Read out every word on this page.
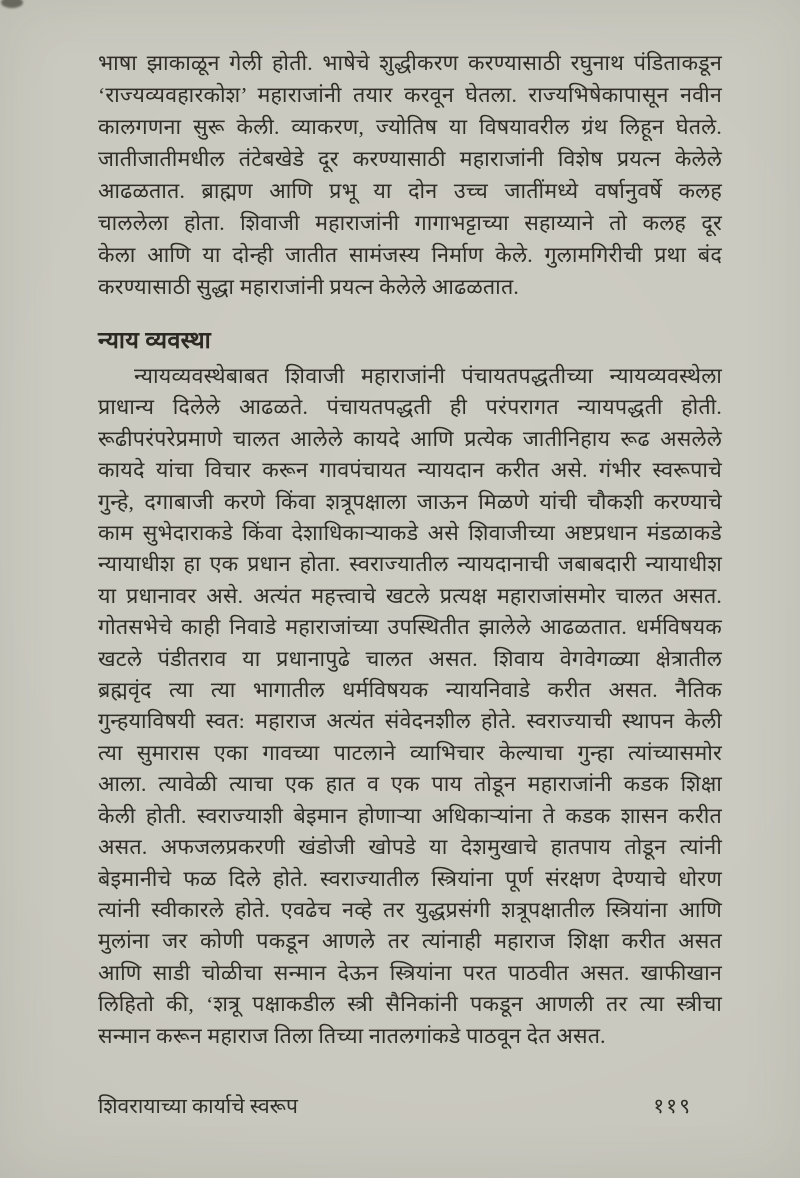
भाषा झाकाळून गेली होती. भाषेचे शुद्धीकरण करण्यासाठी रघुनाथ पंडिताकडून
‘राज्यव्यवहारकोश’ महाराजांनी तयार करवून घेतला. राज्यभिषेकापासून नवीन
कालगणना सुरू केली. व्याकरण, ज्योतिष या विषयावरील ग्रंथ लिहून घेतले.
जातीजातीमधील तंटेबखेडे दूर करण्यासाठी महाराजांनी विशेष प्रयत्न केलेले
आढळतात. ब्राह्मण आणि प्रभू या दोन उच्च जातींमध्ये वर्षानुवर्षे कलह
चाललेला होता. शिवाजी महाराजांनी गागाभट्टाच्या सहाय्याने तो कलह दूर
केला आणि या दोन्ही जातीत सामंजस्य निर्माण केले. गुलामगिरीची प्रथा बंद
करण्यासाठी सुद्धा महाराजांनी प्रयत्न केलेले आढळतात.
न्याय व्यवस्था
न्यायव्यवस्थेबाबत शिवाजी महाराजांनी पंचायतपद्धतीच्या न्यायव्यवस्थेला
प्राधान्य दिलेले आढळते. पंचायतपद्धती ही परंपरागत न्यायपद्धती होती.
रूढीपरंपरेप्रमाणे चालत आलेले कायदे आणि प्रत्येक जातीनिहाय रूढ असलेले
कायदे यांचा विचार करून गावपंचायत न्यायदान करीत असे. गंभीर स्वरूपाचे
गुन्हे, दगाबाजी करणे किंवा शत्रूपक्षाला जाऊन मिळणे यांची चौकशी करण्याचे
काम सुभेदाराकडे किंवा देशाधिकाऱ्याकडे असे शिवाजीच्या अष्टप्रधान मंडळाकडे
न्यायाधीश हा एक प्रधान होता. स्वराज्यातील न्यायदानाची जबाबदारी न्यायाधीश
या प्रधानावर असे. अत्यंत महत्त्वाचे खटले प्रत्यक्ष महाराजांसमोर चालत असत.
गोतसभेचे काही निवाडे महाराजांच्या उपस्थितीत झालेले आढळतात. धर्मविषयक
खटले पंडीतराव या प्रधानापुढे चालत असत. शिवाय वेगवेगळ्या क्षेत्रातील
ब्रह्मवृंद त्या त्या भागातील धर्मविषयक न्यायनिवाडे करीत असत. नैतिक
गुन्हयाविषयी स्वत: महाराज अत्यंत संवेदनशील होते. स्वराज्याची स्थापन केली
त्या सुमारास एका गावच्या पाटलाने व्याभिचार केल्याचा गुन्हा त्यांच्यासमोर
आला. त्यावेळी त्याचा एक हात व एक पाय तोडून महाराजांनी कडक शिक्षा
केली होती. स्वराज्याशी बेइमान होणाऱ्या अधिकाऱ्यांना ते कडक शासन करीत
असत. अफजलप्रकरणी खंडोजी खोपडे या देशमुखाचे हातपाय तोडून त्यांनी
बेइमानीचे फळ दिले होते. स्वराज्यातील स्त्रियांना पूर्ण संरक्षण देण्याचे धोरण
त्यांनी स्वीकारले होते. एवढेच नव्हे तर युद्धप्रसंगी शत्रूपक्षातील स्त्रियांना आणि
मुलांना जर कोणी पकडून आणले तर त्यांनाही महाराज शिक्षा करीत असत
आणि साडी चोळीचा सन्मान देऊन स्त्रियांना परत पाठवीत असत. खाफीखान
लिहितो की, ‘शत्रू पक्षाकडील स्त्री सैनिकांनी पकडून आणली तर त्या स्त्रीचा
सन्मान करून महाराज तिला तिच्या नातलगांकडे पाठवून देत असत.
शिवरायाच्या कार्याचे स्वरूप	११९
